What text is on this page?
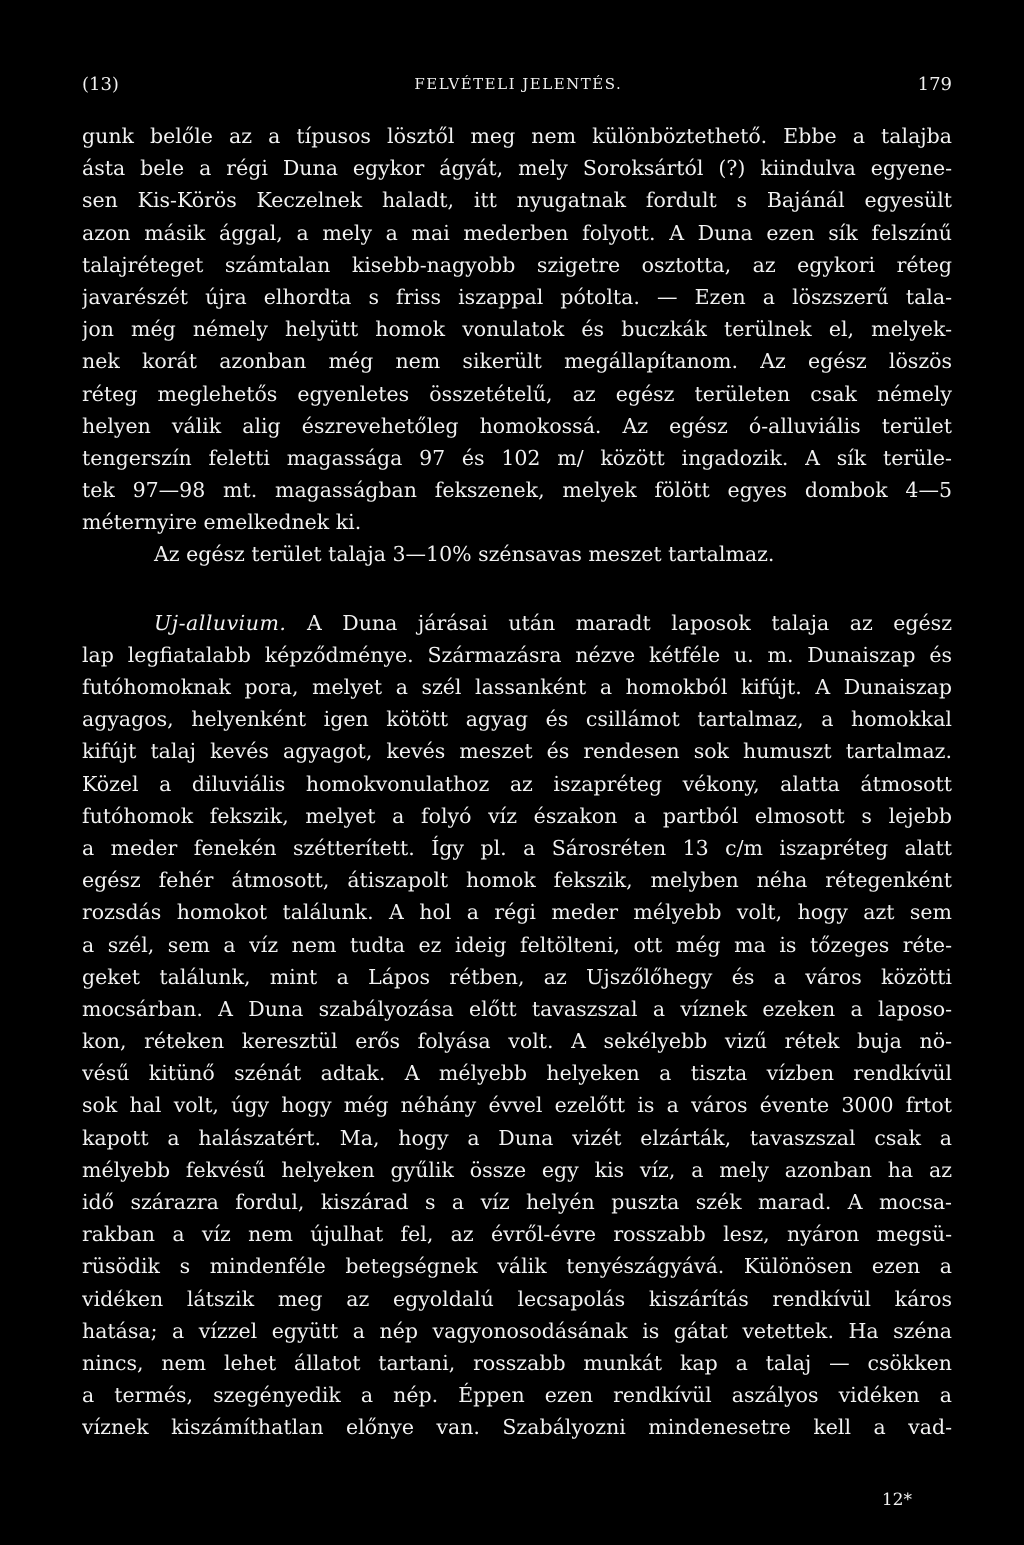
(13)	FELVÉTELI JELENTÉS.	179
gunk belőle az a típusos lösztől meg nem különböztethető. Ebbe a talajba
ásta bele a régi Duna egykor ágyát, mely Soroksártól (?) kiindulva egyene-
sen Kis-Körös Keczelnek haladt, itt nyugatnak fordult s Bajánál egyesült
azon másik ággal, a mely a mai mederben folyott. A Duna ezen sík felszínű
talajréteget számtalan kisebb-nagyobb szigetre osztotta, az egykori réteg
javarészét újra elhordta s friss iszappal pótolta. — Ezen a löszszerű tala-
jon még némely helyütt homok vonulatok és buczkák terülnek el, melyek-
nek korát azonban még nem sikerült megállapítanom. Az egész löszös
réteg meglehetős egyenletes összetételű, az egész területen csak némely
helyen válik alig észrevehetőleg homokossá. Az egész ó-alluviális terület
tengerszín feletti magassága 97 és 102 m/ között ingadozik. A sík terüle-
tek 97—98 mt. magasságban fekszenek, melyek fölött egyes dombok 4—5
méternyire emelkednek ki.
Az egész terület talaja 3—10% szénsavas meszet tartalmaz.
Uj-alluvium. A Duna járásai után maradt laposok talaja az egész
lap legfiatalabb képződménye. Származásra nézve kétféle u. m. Dunaiszap és
futóhomoknak pora, melyet a szél lassanként a homokból kifújt. A Dunaiszap
agyagos, helyenként igen kötött agyag és csillámot tartalmaz, a homokkal
kifújt talaj kevés agyagot, kevés meszet és rendesen sok humuszt tartalmaz.
Közel a diluviális homokvonulathoz az iszapréteg vékony, alatta átmosott
futóhomok fekszik, melyet a folyó víz északon a partból elmosott s lejebb
a meder fenekén szétterített. Így pl. a Sárosréten 13 c/m iszapréteg alatt
egész fehér átmosott, átiszapolt homok fekszik, melyben néha rétegenként
rozsdás homokot találunk. A hol a régi meder mélyebb volt, hogy azt sem
a szél, sem a víz nem tudta ez ideig feltölteni, ott még ma is tőzeges réte-
geket találunk, mint a Lápos rétben, az Ujszőlőhegy és a város közötti
mocsárban. A Duna szabályozása előtt tavaszszal a víznek ezeken a laposo-
kon, réteken keresztül erős folyása volt. A sekélyebb vizű rétek buja nö-
vésű kitünő szénát adtak. A mélyebb helyeken a tiszta vízben rendkívül
sok hal volt, úgy hogy még néhány évvel ezelőtt is a város évente 3000 frtot
kapott a halászatért. Ma, hogy a Duna vizét elzárták, tavaszszal csak a
mélyebb fekvésű helyeken gyűlik össze egy kis víz, a mely azonban ha az
idő szárazra fordul, kiszárad s a víz helyén puszta szék marad. A mocsa-
rakban a víz nem újulhat fel, az évről-évre rosszabb lesz, nyáron megsü-
rüsödik s mindenféle betegségnek válik tenyészágyává. Különösen ezen a
vidéken látszik meg az egyoldalú lecsapolás kiszárítás rendkívül káros
hatása; a vízzel együtt a nép vagyonosodásának is gátat vetettek. Ha széna
nincs, nem lehet állatot tartani, rosszabb munkát kap a talaj — csökken
a termés, szegényedik a nép. Éppen ezen rendkívül aszályos vidéken a
víznek kiszámíthatlan előnye van. Szabályozni mindenesetre kell a vad-
12*
